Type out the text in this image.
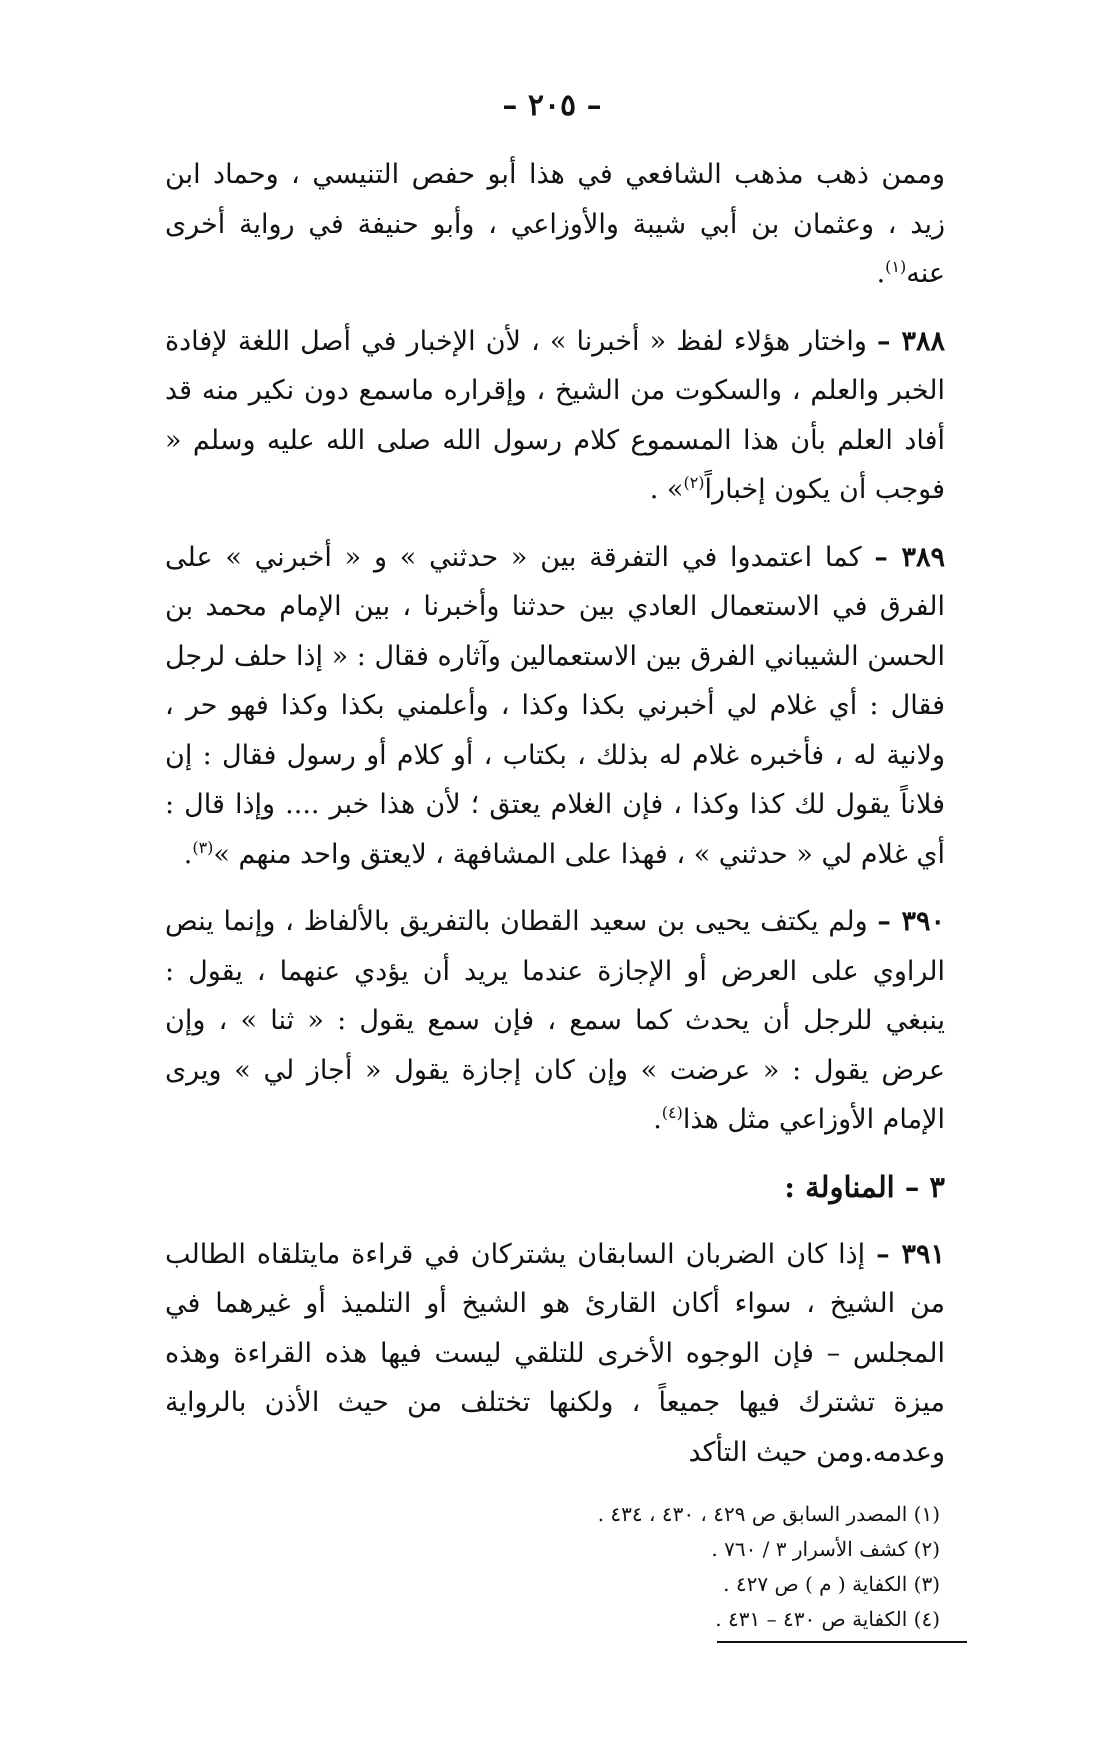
– ٢٠٥ –

وممن ذهب مذهب الشافعي في هذا أبو حفص التنيسي ، وحماد ابن زيد ، وعثمان بن أبي شيبة والأوزاعي ، وأبو حنيفة في رواية أخرى عنه$^{(١)}$.

٣٨٨ – واختار هؤلاء لفظ « أخبرنا » ، لأن الإخبار في أصل اللغة لإفادة الخبر والعلم ، والسكوت من الشيخ ، وإقراره ماسمع دون نكير منه قد أفاد العلم بأن هذا المسموع كلام رسول الله صلى الله عليه وسلم « فوجب أن يكون إخباراً$^{(٢)}$» .

٣٨٩ – كما اعتمدوا في التفرقة بين « حدثني » و « أخبرني » على الفرق في الاستعمال العادي بين حدثنا وأخبرنا ، بين الإمام محمد بن الحسن الشيباني الفرق بين الاستعمالين وآثاره فقال : « إذا حلف لرجل فقال : أي غلام لي أخبرني بكذا وكذا ، وأعلمني بكذا وكذا فهو حر ، ولانية له ، فأخبره غلام له بذلك ، بكتاب ، أو كلام أو رسول فقال : إن فلاناً يقول لك كذا وكذا ، فإن الغلام يعتق ؛ لأن هذا خبر .... وإذا قال : أي غلام لي « حدثني » ، فهذا على المشافهة ، لايعتق واحد منهم »$^{(٣)}$.

٣٩٠ – ولم يكتف يحيى بن سعيد القطان بالتفريق بالألفاظ ، وإنما ينص الراوي على العرض أو الإجازة عندما يريد أن يؤدي عنهما ، يقول : ينبغي للرجل أن يحدث كما سمع ، فإن سمع يقول : « ثنا » ، وإن عرض يقول : « عرضت » وإن كان إجازة يقول « أجاز لي » ويرى الإمام الأوزاعي مثل هذا$^{(٤)}$.

٣ – المناولة :

٣٩١ – إذا كان الضربان السابقان يشتركان في قراءة مايتلقاه الطالب من الشيخ ، سواء أكان القارئ هو الشيخ أو التلميذ أو غيرهما في المجلس – فإن الوجوه الأخرى للتلقي ليست فيها هذه القراءة وهذه ميزة تشترك فيها جميعاً ، ولكنها تختلف من حيث الأذن بالرواية وعدمه.ومن حيث التأكد

(١) المصدر السابق ص ٤٢٩ ، ٤٣٠ ، ٤٣٤ .

(٢) كشف الأسرار ٣ / ٧٦٠ .

(٣) الكفاية ( م ) ص ٤٢٧ .

(٤) الكفاية ص ٤٣٠ – ٤٣١ .
